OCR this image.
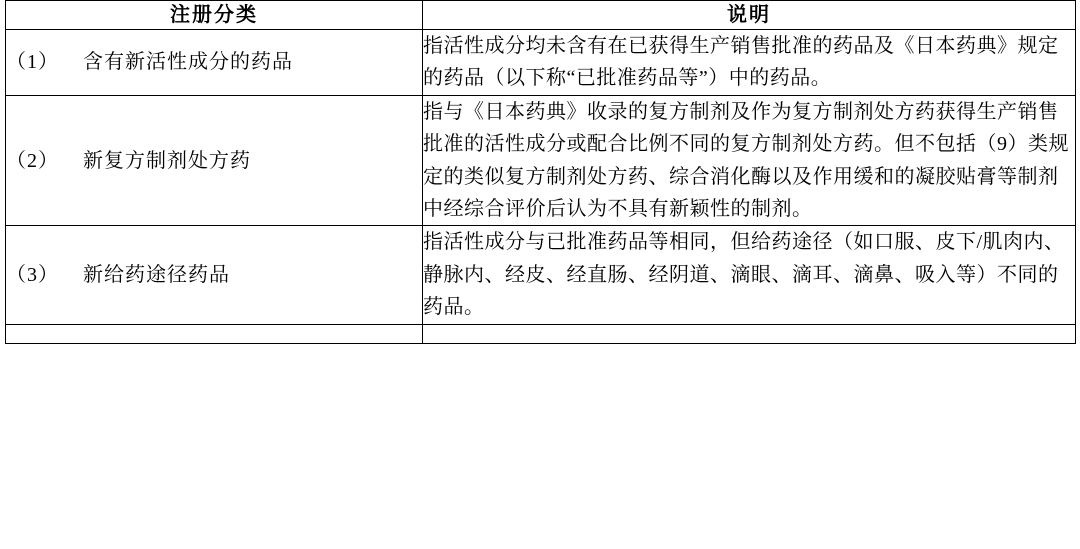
注册分类	说明
（1） 含有新活性成分的药品	指活性成分均未含有在已获得生产销售批准的药品及《日本药典》规定的药品（以下称“已批准药品等”）中的药品。

（2） 新复方制剂处方药	指与《日本药典》收录的复方制剂及作为复方制剂处方药获得生产销售批准的活性成分或配合比例不同的复方制剂处方药。但不包括（9）类规定的类似复方制剂处方药、综合消化酶以及作用缓和的凝胶贴膏等制剂中经综合评价后认为不具有新颖性的制剂。

（3） 新给药途径药品	指活性成分与已批准药品等相同，但给药途径（如口服、皮下/肌肉内、静脉内、经皮、经直肠、经阴道、滴眼、滴耳、滴鼻、吸入等）不同的药品。
